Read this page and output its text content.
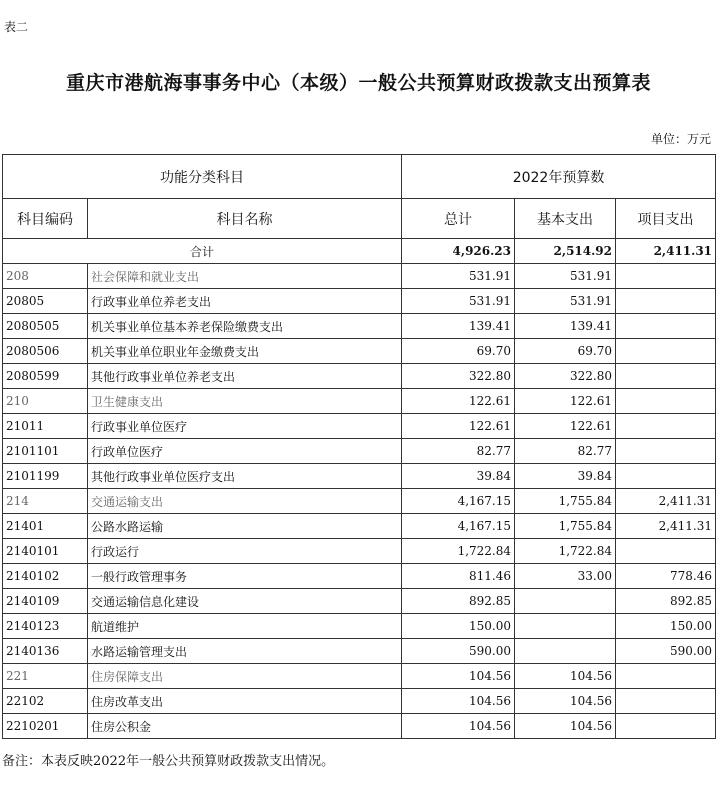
表二
重庆市港航海事事务中心（本级）一般公共预算财政拨款支出预算表
单位：万元
功能分类科目		2022年预算数		
科目编码	科目名称	总计	基本支出	项目支出
合计		4,926.23	2,514.92	2,411.31
208	社会保障和就业支出	531.91	531.91	
20805	行政事业单位养老支出	531.91	531.91	
2080505	机关事业单位基本养老保险缴费支出	139.41	139.41	
2080506	机关事业单位职业年金缴费支出	69.70	69.70	
2080599	其他行政事业单位养老支出	322.80	322.80	
210	卫生健康支出	122.61	122.61	
21011	行政事业单位医疗	122.61	122.61	
2101101	行政单位医疗	82.77	82.77	
2101199	其他行政事业单位医疗支出	39.84	39.84	
214	交通运输支出	4,167.15	1,755.84	2,411.31
21401	公路水路运输	4,167.15	1,755.84	2,411.31
2140101	行政运行	1,722.84	1,722.84	
2140102	一般行政管理事务	811.46	33.00	778.46
2140109	交通运输信息化建设	892.85		892.85
2140123	航道维护	150.00		150.00
2140136	水路运输管理支出	590.00		590.00
221	住房保障支出	104.56	104.56	
22102	住房改革支出	104.56	104.56	
2210201	住房公积金	104.56	104.56	
备注：本表反映2022年一般公共预算财政拨款支出情况。
